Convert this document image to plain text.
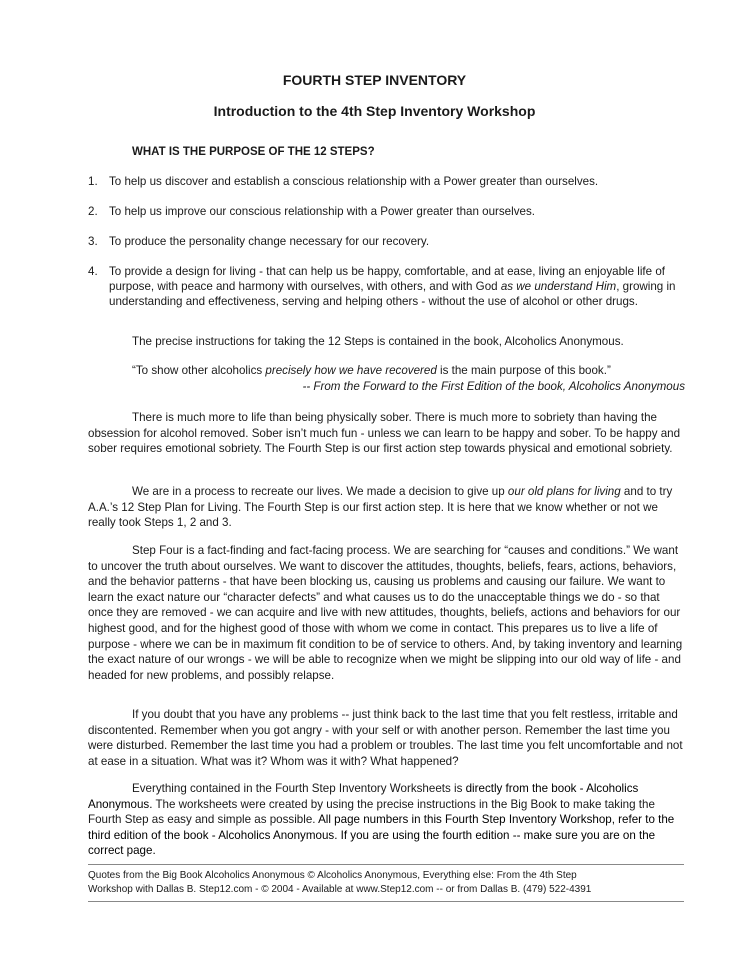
FOURTH STEP INVENTORY
Introduction to the 4th Step Inventory Workshop
WHAT IS THE PURPOSE OF THE 12 STEPS?
1. To help us discover and establish a conscious relationship with a Power greater than ourselves.
2. To help us improve our conscious relationship with a Power greater than ourselves.
3. To produce the personality change necessary for our recovery.
4. To provide a design for living - that can help us be happy, comfortable, and at ease, living an enjoyable life of purpose, with peace and harmony with ourselves, with others, and with God as we understand Him, growing in understanding and effectiveness, serving and helping others - without the use of alcohol or other drugs.
The precise instructions for taking the 12 Steps is contained in the book, Alcoholics Anonymous.
“To show other alcoholics precisely how we have recovered is the main purpose of this book.”
-- From the Forward to the First Edition of the book, Alcoholics Anonymous
There is much more to life than being physically sober. There is much more to sobriety than having the obsession for alcohol removed. Sober isn’t much fun - unless we can learn to be happy and sober. To be happy and sober requires emotional sobriety. The Fourth Step is our first action step towards physical and emotional sobriety.
We are in a process to recreate our lives. We made a decision to give up our old plans for living and to try A.A.’s 12 Step Plan for Living. The Fourth Step is our first action step. It is here that we know whether or not we really took Steps 1, 2 and 3.
Step Four is a fact-finding and fact-facing process. We are searching for “causes and conditions.” We want to uncover the truth about ourselves. We want to discover the attitudes, thoughts, beliefs, fears, actions, behaviors, and the behavior patterns - that have been blocking us, causing us problems and causing our failure. We want to learn the exact nature our “character defects” and what causes us to do the unacceptable things we do - so that once they are removed - we can acquire and live with new attitudes, thoughts, beliefs, actions and behaviors for our highest good, and for the highest good of those with whom we come in contact. This prepares us to live a life of purpose - where we can be in maximum fit condition to be of service to others. And, by taking inventory and learning the exact nature of our wrongs - we will be able to recognize when we might be slipping into our old way of life - and headed for new problems, and possibly relapse.
If you doubt that you have any problems -- just think back to the last time that you felt restless, irritable and discontented. Remember when you got angry - with your self or with another person. Remember the last time you were disturbed. Remember the last time you had a problem or troubles. The last time you felt uncomfortable and not at ease in a situation. What was it? Whom was it with? What happened?
Everything contained in the Fourth Step Inventory Worksheets is directly from the book - Alcoholics Anonymous. The worksheets were created by using the precise instructions in the Big Book to make taking the Fourth Step as easy and simple as possible. All page numbers in this Fourth Step Inventory Workshop, refer to the third edition of the book - Alcoholics Anonymous. If you are using the fourth edition -- make sure you are on the correct page.
Quotes from the Big Book Alcoholics Anonymous © Alcoholics Anonymous, Everything else: From the 4th Step
Workshop with Dallas B. Step12.com - © 2004 - Available at www.Step12.com -- or from Dallas B. (479) 522-4391
